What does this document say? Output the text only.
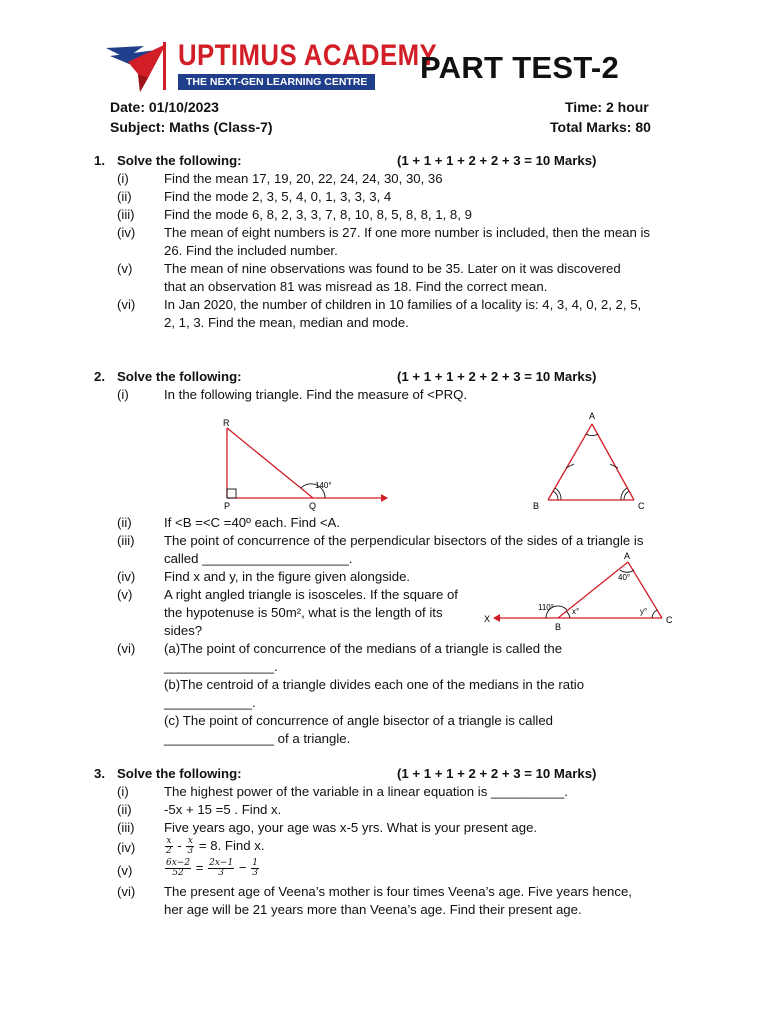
UPTIMUS ACADEMY
THE NEXT-GEN LEARNING CENTRE	PART TEST-2
Date: 01/10/2023	Time: 2 hour
Subject: Maths (Class-7)	Total Marks: 80
1. Solve the following:	(1 + 1 + 1 + 2 + 2 + 3 = 10 Marks)
(i)	Find the mean 17, 19, 20, 22, 24, 24, 30, 30, 36
(ii) Find the mode 2, 3, 5, 4, 0, 1, 3, 3, 3, 4
(iii) Find the mode 6, 8, 2, 3, 3, 7, 8, 10, 8, 5, 8, 8, 1, 8, 9
(iv) The mean of eight numbers is 27. If one more number is included, then the mean is 26. Find the included number.
(v) The mean of nine observations was found to be 35. Later on it was discovered that an observation 81 was misread as 18. Find the correct mean.
(vi) In Jan 2020, the number of children in 10 families of a locality is: 4, 3, 4, 0, 2, 2, 5, 2, 1, 3. Find the mean, median and mode.
2. Solve the following:	(1 + 1 + 1 + 2 + 2 + 3 = 10 Marks)
(i)	In the following triangle. Find the measure of <PRQ.
R
140°
P	Q
A
B	C
(ii) If <B =<C =40º each. Find <A.
(iii) The point of concurrence of the perpendicular bisectors of the sides of a triangle is called ____________________.
(iv) Find x and y, in the figure given alongside.
(v) A right angled triangle is isosceles. If the square of the hypotenuse is 50m², what is the length of its sides?
(vi) (a)The point of concurrence of the medians of a triangle is called the _______________.
(b)The centroid of a triangle divides each one of the medians in the ratio ____________.
(c) The point of concurrence of angle bisector of a triangle is called _______________ of a triangle.
A
X
40°
110° x°	y°
B
C
3. Solve the following:	(1 + 1 + 1 + 2 + 2 + 3 = 10 Marks)
(i)	The highest power of the variable in a linear equation is __________.
(ii) -5x + 15 =5 . Find x.
(iii) Five years ago, your age was x-5 yrs. What is your present age.
(iv)	$\frac{x}{2} - \frac{x}{3} = 8$. Find x.
(v)	$\frac{6x-2}{52} = \frac{2x-1}{3} - \frac{1}{3}$
(vi) The present age of Veena’s mother is four times Veena’s age. Five years hence, her age will be 21 years more than Veena’s age. Find their present age.
